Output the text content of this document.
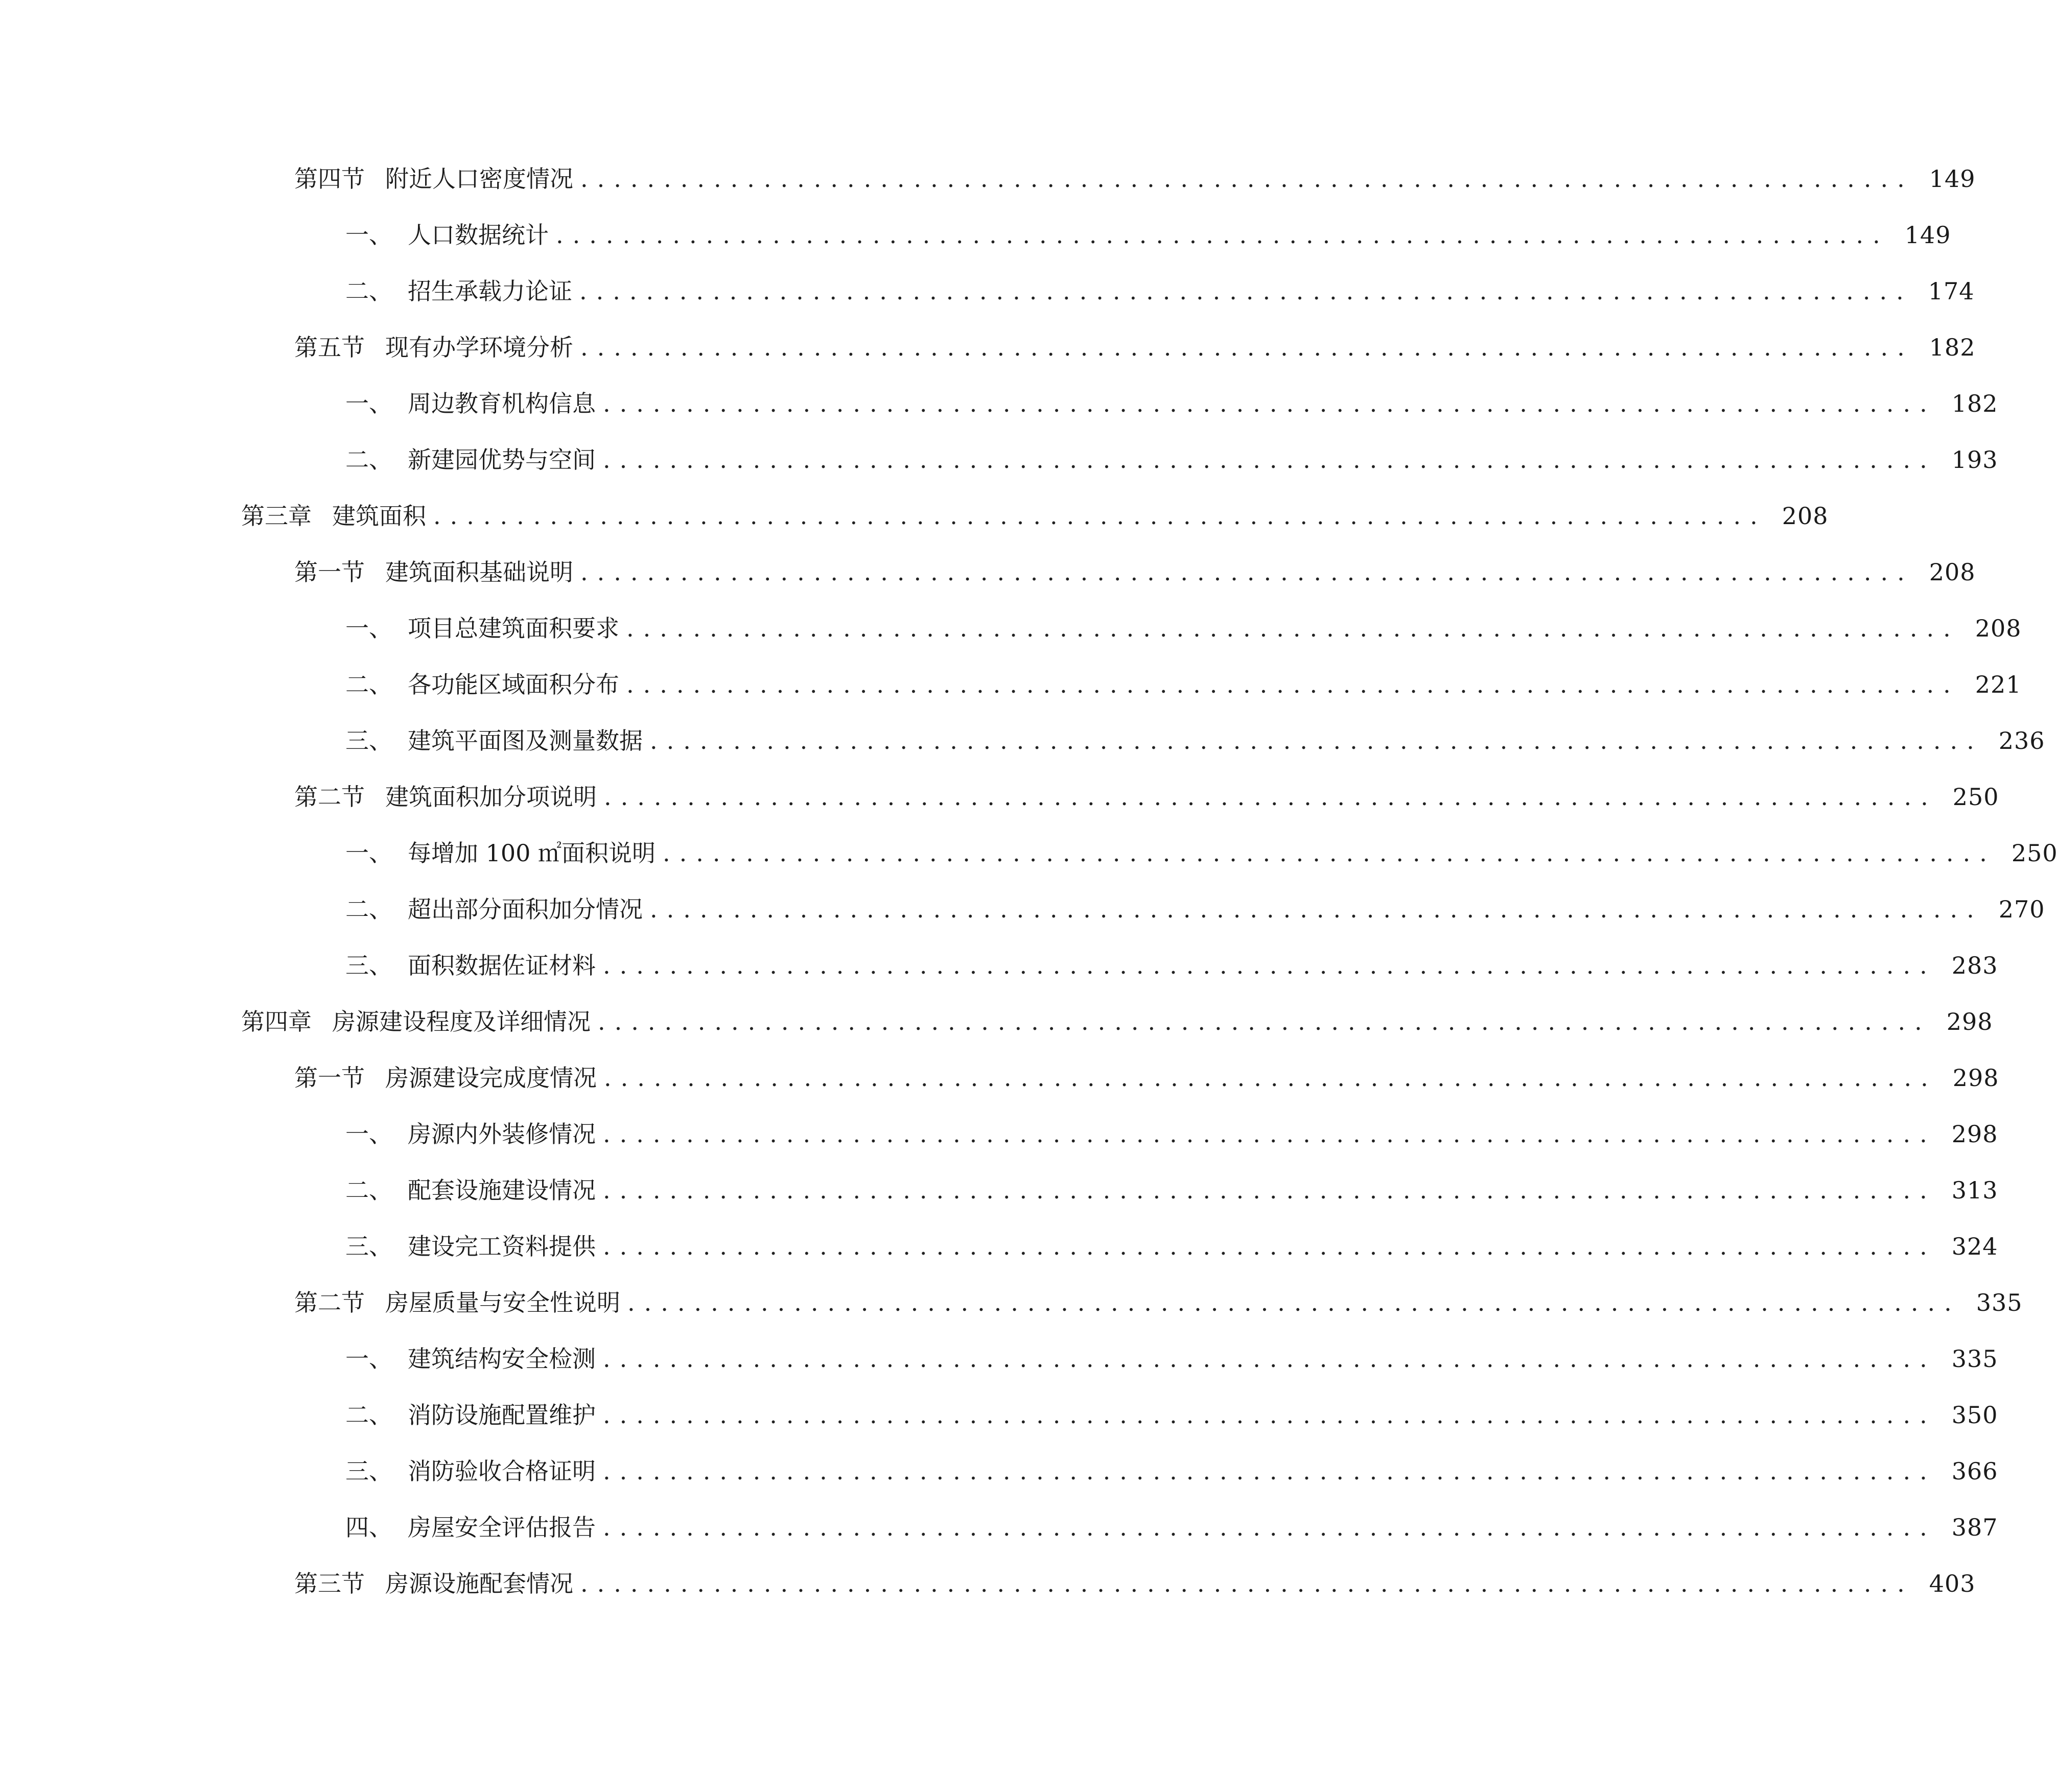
第四节 附近人口密度情况 ................................................................................ 149
一、 人口数据统计 ................................................................................ 149
二、 招生承载力论证 ................................................................................ 174
第五节 现有办学环境分析 ................................................................................ 182
一、 周边教育机构信息 ................................................................................ 182
二、 新建园优势与空间 ................................................................................ 193
第三章 建筑面积 ................................................................................ 208
第一节 建筑面积基础说明 ................................................................................ 208
一、 项目总建筑面积要求 ................................................................................ 208
二、 各功能区域面积分布 ................................................................................ 221
三、 建筑平面图及测量数据 ................................................................................ 236
第二节 建筑面积加分项说明 ................................................................................ 250
一、 每增加 100 ㎡面积说明 ................................................................................ 250
二、 超出部分面积加分情况 ................................................................................ 270
三、 面积数据佐证材料 ................................................................................ 283
第四章 房源建设程度及详细情况 ................................................................................ 298
第一节 房源建设完成度情况 ................................................................................ 298
一、 房源内外装修情况 ................................................................................ 298
二、 配套设施建设情况 ................................................................................ 313
三、 建设完工资料提供 ................................................................................ 324
第二节 房屋质量与安全性说明 ................................................................................ 335
一、 建筑结构安全检测 ................................................................................ 335
二、 消防设施配置维护 ................................................................................ 350
三、 消防验收合格证明 ................................................................................ 366
四、 房屋安全评估报告 ................................................................................ 387
第三节 房源设施配套情况 ................................................................................ 403
